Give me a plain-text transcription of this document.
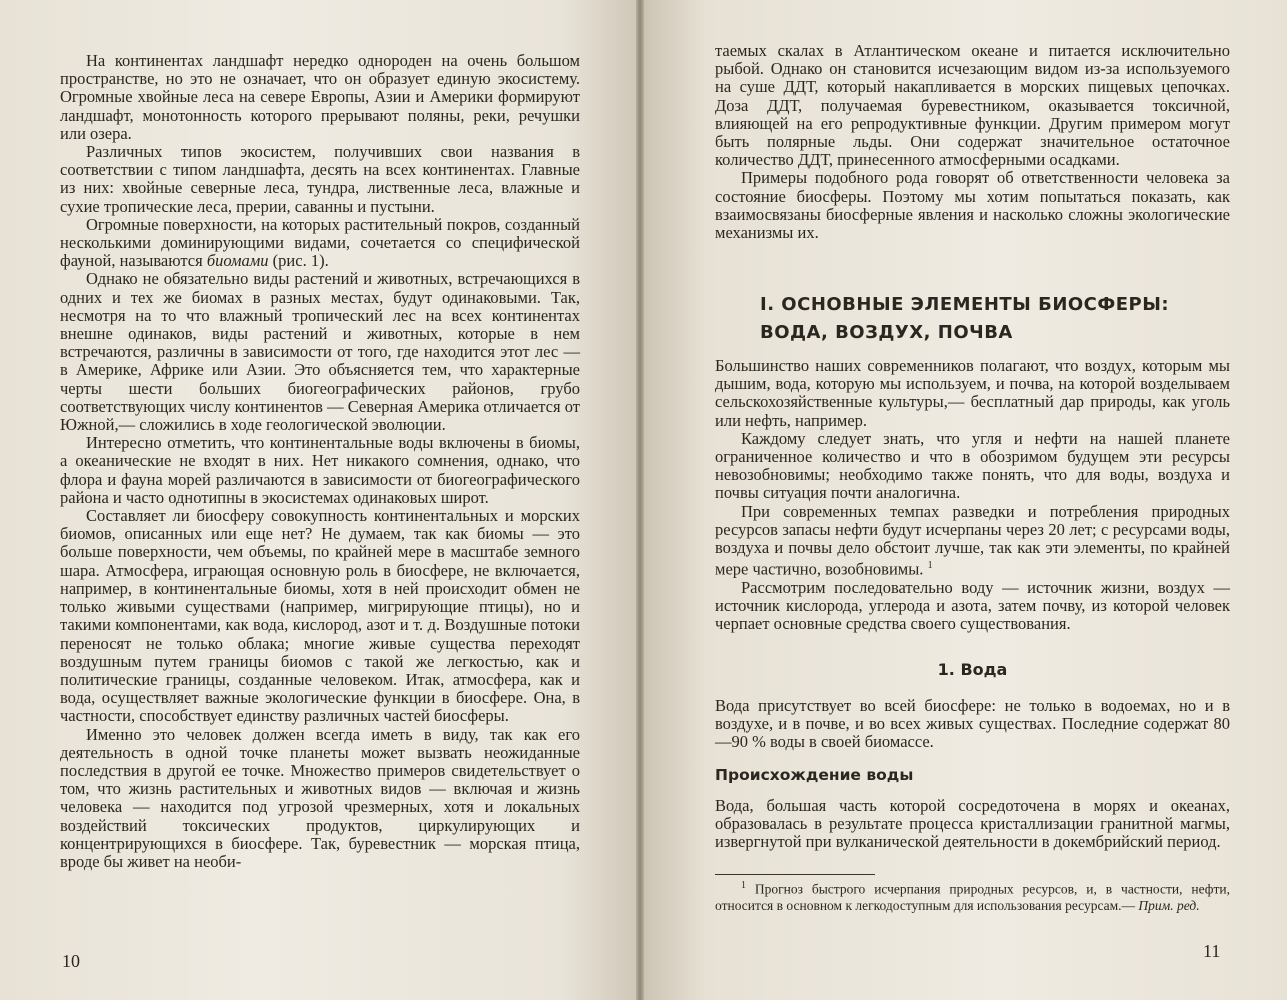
На континентах ландшафт нередко однороден на очень большом пространстве, но это не означает, что он образует единую экосистему. Огромные хвойные леса на севере Европы, Азии и Америки формируют ландшафт, монотонность которого прерывают поляны, реки, речушки или озера.

Различных типов экосистем, получивших свои названия в соответствии с типом ландшафта, десять на всех континентах. Главные из них: хвойные северные леса, тундра, лиственные леса, влажные и сухие тропические леса, прерии, саванны и пустыни.

Огромные поверхности, на которых растительный покров, созданный несколькими доминирующими видами, сочетается со специфической фауной, называются биомами (рис. 1).

Однако не обязательно виды растений и животных, встречающихся в одних и тех же биомах в разных местах, будут одинаковыми. Так, несмотря на то что влажный тропический лес на всех континентах внешне одинаков, виды растений и животных, которые в нем встречаются, различны в зависимости от того, где находится этот лес — в Америке, Африке или Азии. Это объясняется тем, что характерные черты шести больших биогеографических районов, грубо соответствующих числу континентов — Северная Америка отличается от Южной,— сложились в ходе геологической эволюции.

Интересно отметить, что континентальные воды включены в биомы, а океанические не входят в них. Нет никакого сомнения, однако, что флора и фауна морей различаются в зависимости от биогеографического района и часто однотипны в экосистемах одинаковых широт.

Составляет ли биосферу совокупность континентальных и морских биомов, описанных или еще нет? Не думаем, так как биомы — это больше поверхности, чем объемы, по крайней мере в масштабе земного шара. Атмосфера, играющая основную роль в биосфере, не включается, например, в континентальные биомы, хотя в ней происходит обмен не только живыми существами (например, мигрирующие птицы), но и такими компонентами, как вода, кислород, азот и т. д. Воздушные потоки переносят не только облака; многие живые существа переходят воздушным путем границы биомов с такой же легкостью, как и политические границы, созданные человеком. Итак, атмосфера, как и вода, осуществляет важные экологические функции в биосфере. Она, в частности, способствует единству различных частей биосферы.

Именно это человек должен всегда иметь в виду, так как его деятельность в одной точке планеты может вызвать неожиданные последствия в другой ее точке. Множество примеров свидетельствует о том, что жизнь растительных и животных видов — включая и жизнь человека — находится под угрозой чрезмерных, хотя и локальных воздействий токсических продуктов, циркулирующих и концентрирующихся в биосфере. Так, буревестник — морская птица, вроде бы живет на необи-

10

таемых скалах в Атлантическом океане и питается исключительно рыбой. Однако он становится исчезающим видом из-за используемого на суше ДДТ, который накапливается в морских пищевых цепочках. Доза ДДТ, получаемая буревестником, оказывается токсичной, влияющей на его репродуктивные функции. Другим примером могут быть полярные льды. Они содержат значительное остаточное количество ДДТ, принесенного атмосферными осадками.

Примеры подобного рода говорят об ответственности человека за состояние биосферы. Поэтому мы хотим попытаться показать, как взаимосвязаны биосферные явления и насколько сложны экологические механизмы их.

I. ОСНОВНЫЕ ЭЛЕМЕНТЫ БИОСФЕРЫ:
ВОДА, ВОЗДУХ, ПОЧВА

Большинство наших современников полагают, что воздух, которым мы дышим, вода, которую мы используем, и почва, на которой возделываем сельскохозяйственные культуры,— бесплатный дар природы, как уголь или нефть, например.

Каждому следует знать, что угля и нефти на нашей планете ограниченное количество и что в обозримом будущем эти ресурсы невозобновимы; необходимо также понять, что для воды, воздуха и почвы ситуация почти аналогична.

При современных темпах разведки и потребления природных ресурсов запасы нефти будут исчерпаны через 20 лет; с ресурсами воды, воздуха и почвы дело обстоит лучше, так как эти элементы, по крайней мере частично, возобновимы. $^1$

Рассмотрим последовательно воду — источник жизни, воздух — источник кислорода, углерода и азота, затем почву, из которой человек черпает основные средства своего существования.

1. Вода

Вода присутствует во всей биосфере: не только в водоемах, но и в воздухе, и в почве, и во всех живых существах. Последние содержат 80—90 % воды в своей биомассе.

Происхождение воды

Вода, большая часть которой сосредоточена в морях и океанах, образовалась в результате процесса кристаллизации гранитной магмы, извергнутой при вулканической деятельности в докембрийский период.

$^1$ Прогноз быстрого исчерпания природных ресурсов, и, в частности, нефти, относится в основном к легкодоступным для использования ресурсам.— Прим. ред.

11
